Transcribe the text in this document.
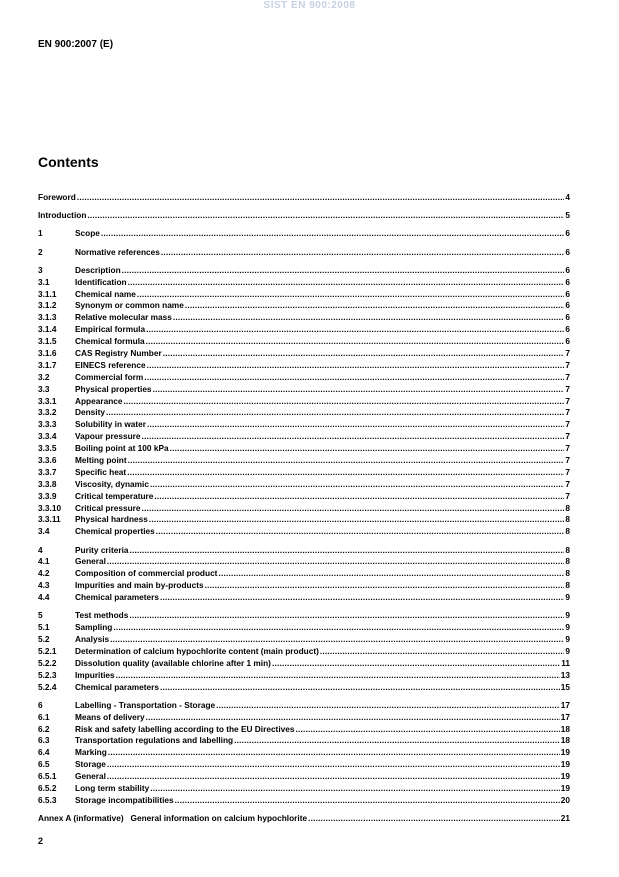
SIST EN 900:2008
EN 900:2007 (E)
Contents
Foreword .....	4
Introduction .....	5
1	Scope .....	6
2	Normative references .....	6
3	Description .....	6
3.1	Identification .....	6
3.1.1	Chemical name .....	6
3.1.2	Synonym or common name .....	6
3.1.3	Relative molecular mass .....	6
3.1.4	Empirical formula .....	6
3.1.5	Chemical formula .....	6
3.1.6	CAS Registry Number .....	7
3.1.7	EINECS reference .....	7
3.2	Commercial form .....	7
3.3	Physical properties .....	7
3.3.1	Appearance .....	7
3.3.2	Density .....	7
3.3.3	Solubility in water .....	7
3.3.4	Vapour pressure .....	7
3.3.5	Boiling point at 100 kPa .....	7
3.3.6	Melting point .....	7
3.3.7	Specific heat .....	7
3.3.8	Viscosity, dynamic .....	7
3.3.9	Critical temperature .....	7
3.3.10	Critical pressure .....	8
3.3.11	Physical hardness .....	8
3.4	Chemical properties .....	8
4	Purity criteria .....	8
4.1	General .....	8
4.2	Composition of commercial product .....	8
4.3	Impurities and main by-products .....	8
4.4	Chemical parameters .....	9
5	Test methods .....	9
5.1	Sampling .....	9
5.2	Analysis .....	9
5.2.1	Determination of calcium hypochlorite content (main product) .....	9
5.2.2	Dissolution quality (available chlorine after 1 min) .....	11
5.2.3	Impurities .....	13
5.2.4	Chemical parameters .....	15
6	Labelling - Transportation - Storage .....	17
6.1	Means of delivery .....	17
6.2	Risk and safety labelling according to the EU Directives .....	18
6.3	Transportation regulations and labelling .....	18
6.4	Marking .....	19
6.5	Storage .....	19
6.5.1	General .....	19
6.5.2	Long term stability .....	19
6.5.3	Storage incompatibilities .....	20
Annex A (informative)   General information on calcium hypochlorite .....	21
2
